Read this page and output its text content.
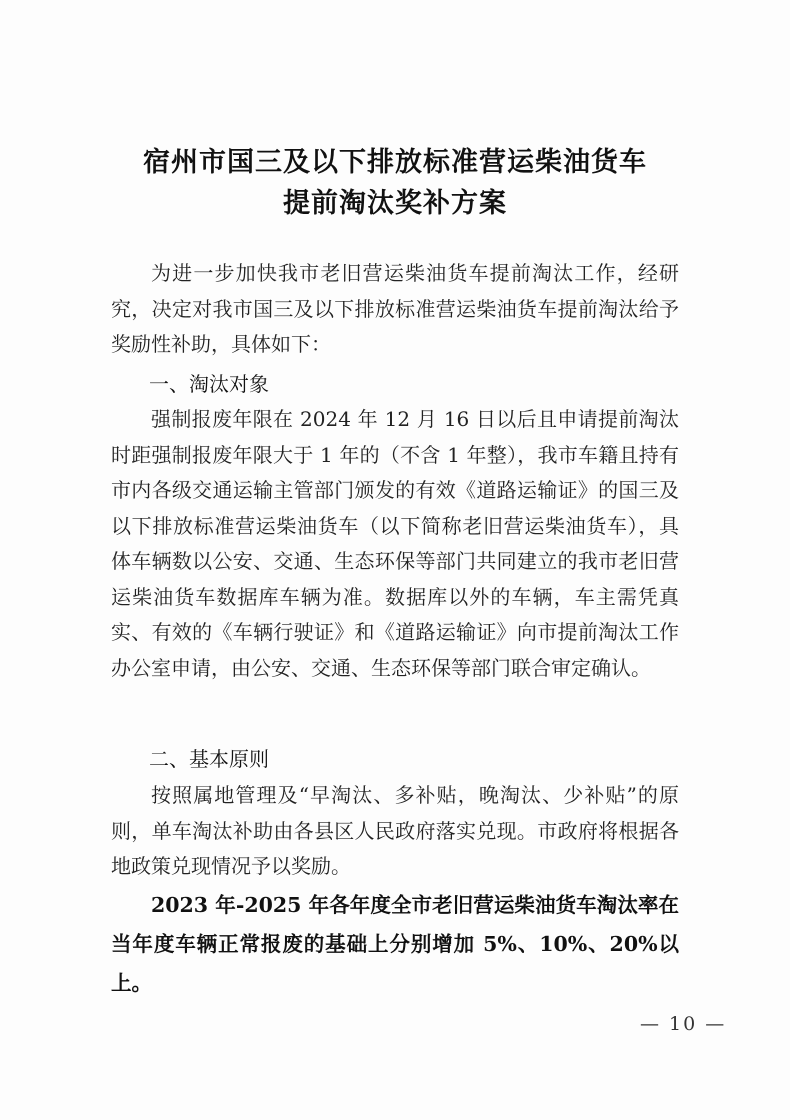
宿州市国三及以下排放标准营运柴油货车
提前淘汰奖补方案
为进一步加快我市老旧营运柴油货车提前淘汰工作，经研究，决定对我市国三及以下排放标准营运柴油货车提前淘汰给予奖励性补助，具体如下：
一、淘汰对象
强制报废年限在 2024 年 12 月 16 日以后且申请提前淘汰时距强制报废年限大于 1 年的（不含 1 年整），我市车籍且持有市内各级交通运输主管部门颁发的有效《道路运输证》的国三及以下排放标准营运柴油货车（以下简称老旧营运柴油货车），具体车辆数以公安、交通、生态环保等部门共同建立的我市老旧营运柴油货车数据库车辆为准。数据库以外的车辆，车主需凭真实、有效的《车辆行驶证》和《道路运输证》向市提前淘汰工作办公室申请，由公安、交通、生态环保等部门联合审定确认。
二、基本原则
按照属地管理及“早淘汰、多补贴，晚淘汰、少补贴”的原则，单车淘汰补助由各县区人民政府落实兑现。市政府将根据各地政策兑现情况予以奖励。
2023 年-2025 年各年度全市老旧营运柴油货车淘汰率在当年度车辆正常报废的基础上分别增加 5%、10%、20%以上。
— 10 —
